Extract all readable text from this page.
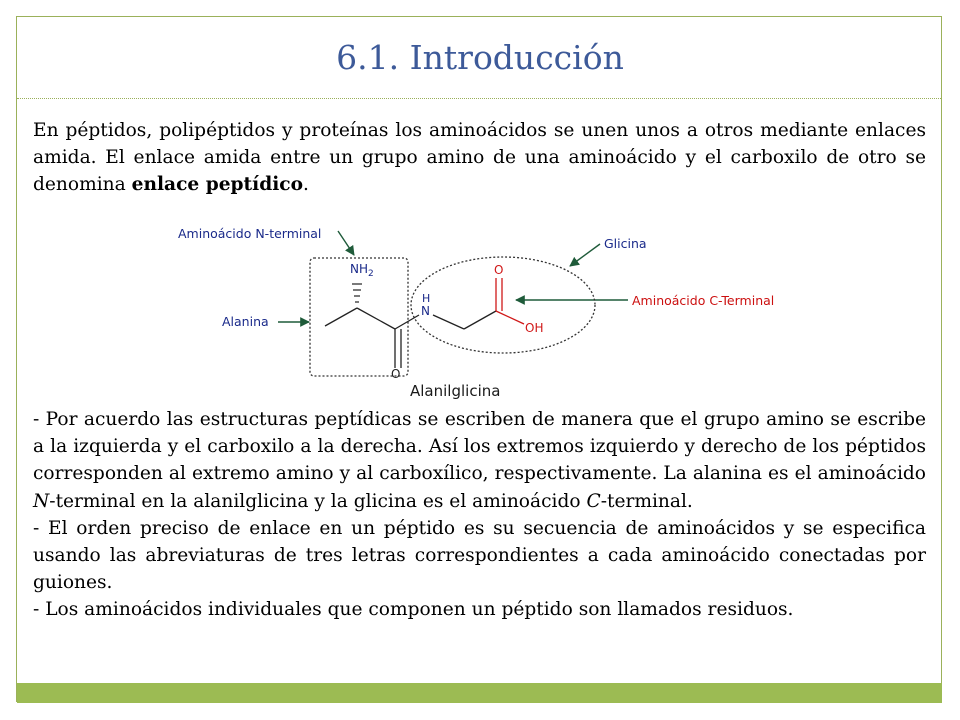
6.1. Introducción

En péptidos, polipéptidos y proteínas los aminoácidos se unen unos a otros mediante enlaces amida. El enlace amida entre un grupo amino de una aminoácido y el carboxilo de otro se denomina enlace peptídico.

Aminoácido N-terminal
Alanina
Glicina
Aminoácido C-Terminal
Alanilglicina
$NH_2$
H
N
O
O
OH

- Por acuerdo las estructuras peptídicas se escriben de manera que el grupo amino se escribe a la izquierda y el carboxilo a la derecha. Así los extremos izquierdo y derecho de los péptidos corresponden al extremo amino y al carboxílico, respectivamente. La alanina es el aminoácido N-terminal en la alanilglicina y la glicina es el aminoácido C-terminal.

- El orden preciso de enlace en un péptido es su secuencia de aminoácidos y se especifica usando las abreviaturas de tres letras correspondientes a cada aminoácido conectadas por guiones.

- Los aminoácidos individuales que componen un péptido son llamados residuos.
